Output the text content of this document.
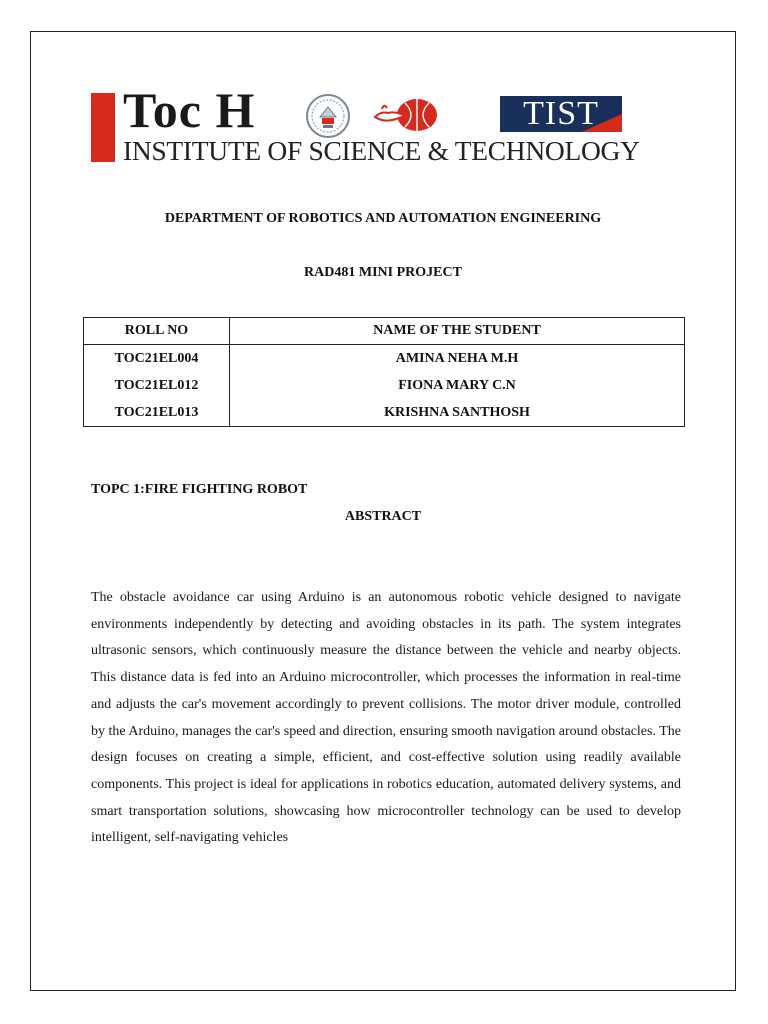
Toc H
INSTITUTE OF SCIENCE & TECHNOLOGY
TIST
DEPARTMENT OF ROBOTICS AND AUTOMATION ENGINEERING
RAD481 MINI PROJECT
ROLL NO	NAME OF THE STUDENT
TOC21EL004	AMINA NEHA M.H
TOC21EL012	FIONA MARY C.N
TOC21EL013	KRISHNA SANTHOSH
TOPC 1:FIRE FIGHTING ROBOT
ABSTRACT
The obstacle avoidance car using Arduino is an autonomous robotic vehicle designed to navigate environments independently by detecting and avoiding obstacles in its path. The system integrates ultrasonic sensors, which continuously measure the distance between the vehicle and nearby objects. This distance data is fed into an Arduino microcontroller, which processes the information in real-time and adjusts the car's movement accordingly to prevent collisions. The motor driver module, controlled by the Arduino, manages the car's speed and direction, ensuring smooth navigation around obstacles. The design focuses on creating a simple, efficient, and cost-effective solution using readily available components. This project is ideal for applications in robotics education, automated delivery systems, and smart transportation solutions, showcasing how microcontroller technology can be used to develop intelligent, self-navigating vehicles
